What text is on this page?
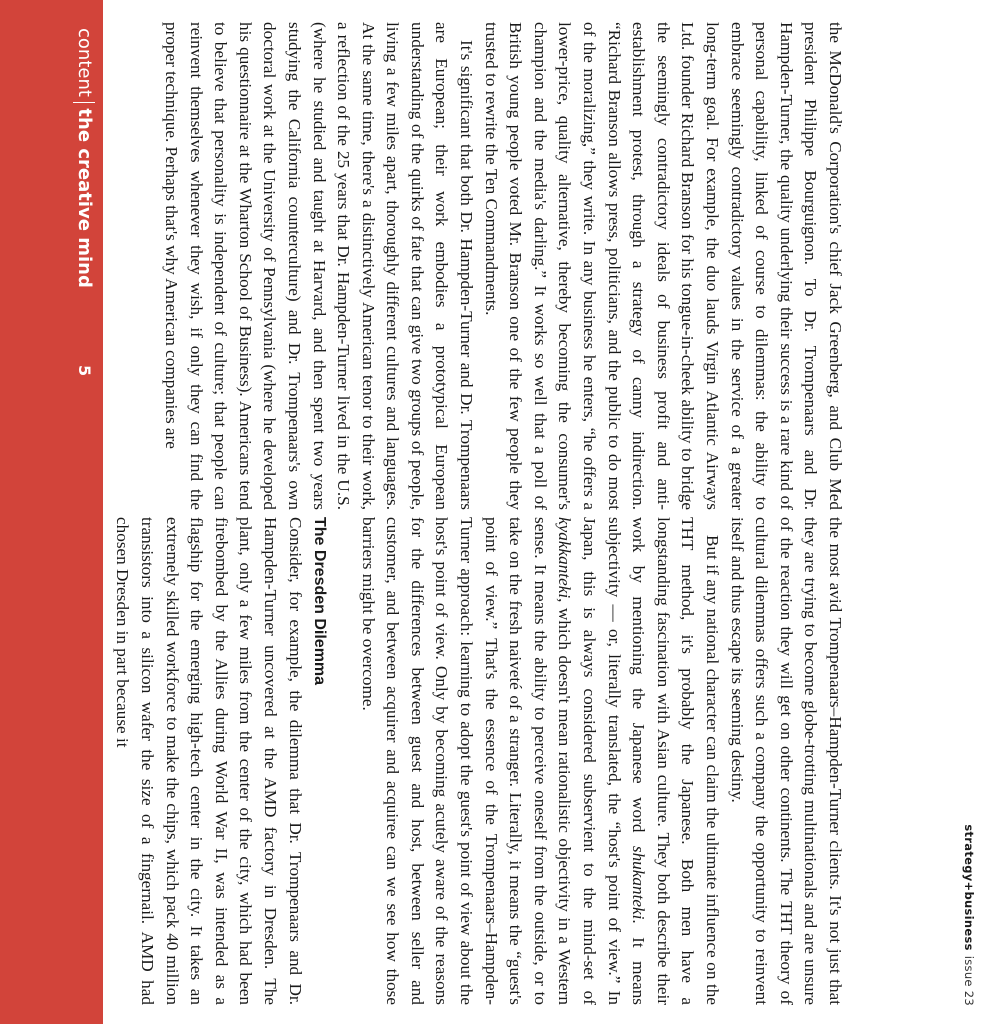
strategy+business
issue 23

the McDonald's Corporation's chief Jack Greenberg, and Club Med president Philippe Bourguignon. To Dr. Trompenaars and Dr. Hampden-Turner, the quality underlying their success is a rare kind of personal capability, linked of course to dilemmas: the ability to embrace seemingly contradictory values in the service of a greater long-term goal. For example, the duo lauds Virgin Atlantic Airways Ltd. founder Richard Branson for his tongue-in-cheek ability to bridge the seemingly contradictory ideals of business profit and anti-establishment protest, through a strategy of canny indirection. “Richard Branson allows press, politicians, and the public to do most of the moralizing,” they write. In any business he enters, “he offers a lower-price, quality alternative, thereby becoming the consumer's champion and the media's darling.” It works so well that a poll of British young people voted Mr. Branson one of the few people they trusted to rewrite the Ten Commandments.

It's significant that both Dr. Hampden-Turner and Dr. Trompenaars are European; their work embodies a prototypical European understanding of the quirks of fate that can give two groups of people, living a few miles apart, thoroughly different cultures and languages. At the same time, there's a distinctively American tenor to their work, a reflection of the 25 years that Dr. Hampden-Turner lived in the U.S. (where he studied and taught at Harvard, and then spent two years studying the California counterculture) and Dr. Trompenaars's own doctoral work at the University of Pennsylvania (where he developed his questionnaire at the Wharton School of Business). Americans tend to believe that personality is independent of culture; that people can reinvent themselves whenever they wish, if only they can find the proper technique. Perhaps that's why American companies are

the most avid Trompenaars–Hampden-Turner clients. It's not just that they are trying to become globe-trotting multinationals and are unsure of the reaction they will get on other continents. The THT theory of cultural dilemmas offers such a company the opportunity to reinvent itself and thus escape its seeming destiny.

But if any national character can claim the ultimate influence on the THT method, it's probably the Japanese. Both men have a longstanding fascination with Asian culture. They both describe their work by mentioning the Japanese word shukanteki. It means subjectivity — or, literally translated, the “host's point of view.” In Japan, this is always considered subservient to the mind-set of kyakkanteki, which doesn't mean rationalistic objectivity in a Western sense. It means the ability to perceive oneself from the outside, or to take on the fresh naiveté of a stranger. Literally, it means the “guest's point of view.” That's the essence of the Trompenaars–Hampden-Turner approach: learning to adopt the guest's point of view about the host's point of view. Only by becoming acutely aware of the reasons for the differences between guest and host, between seller and customer, and between acquirer and acquiree can we see how those barriers might be overcome.

The Dresden Dilemma

Consider, for example, the dilemma that Dr. Trompenaars and Dr. Hampden-Turner uncovered at the AMD factory in Dresden. The plant, only a few miles from the center of the city, which had been firebombed by the Allies during World War II, was intended as a flagship for the emerging high-tech center in the city. It takes an extremely skilled workforce to make the chips, which pack 40 million transistors into a silicon wafer the size of a fingernail. AMD had chosen Dresden in part because it

content
the creative mind
5
